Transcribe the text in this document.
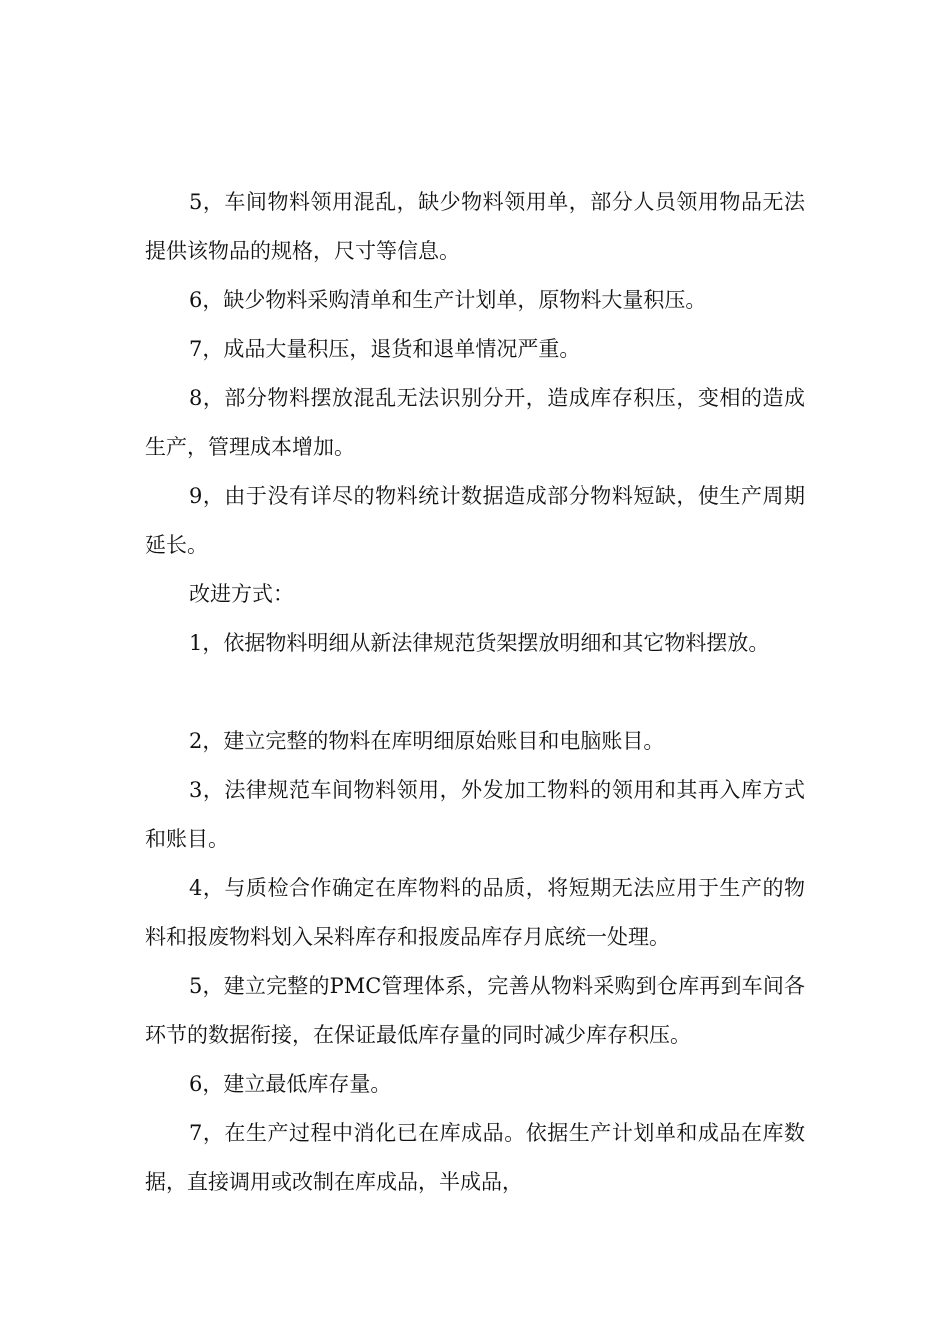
5，车间物料领用混乱，缺少物料领用单，部分人员领用物品无法提供该物品的规格，尺寸等信息。

6，缺少物料采购清单和生产计划单，原物料大量积压。

7，成品大量积压，退货和退单情况严重。

8，部分物料摆放混乱无法识别分开，造成库存积压，变相的造成生产，管理成本增加。

9，由于没有详尽的物料统计数据造成部分物料短缺，使生产周期延长。

改进方式：

1，依据物料明细从新法律规范货架摆放明细和其它物料摆放。

2，建立完整的物料在库明细原始账目和电脑账目。

3，法律规范车间物料领用，外发加工物料的领用和其再入库方式和账目。

4，与质检合作确定在库物料的品质，将短期无法应用于生产的物料和报废物料划入呆料库存和报废品库存月底统一处理。

5，建立完整的PMC管理体系，完善从物料采购到仓库再到车间各环节的数据衔接，在保证最低库存量的同时减少库存积压。

6，建立最低库存量。

7，在生产过程中消化已在库成品。依据生产计划单和成品在库数据，直接调用或改制在库成品，半成品，
